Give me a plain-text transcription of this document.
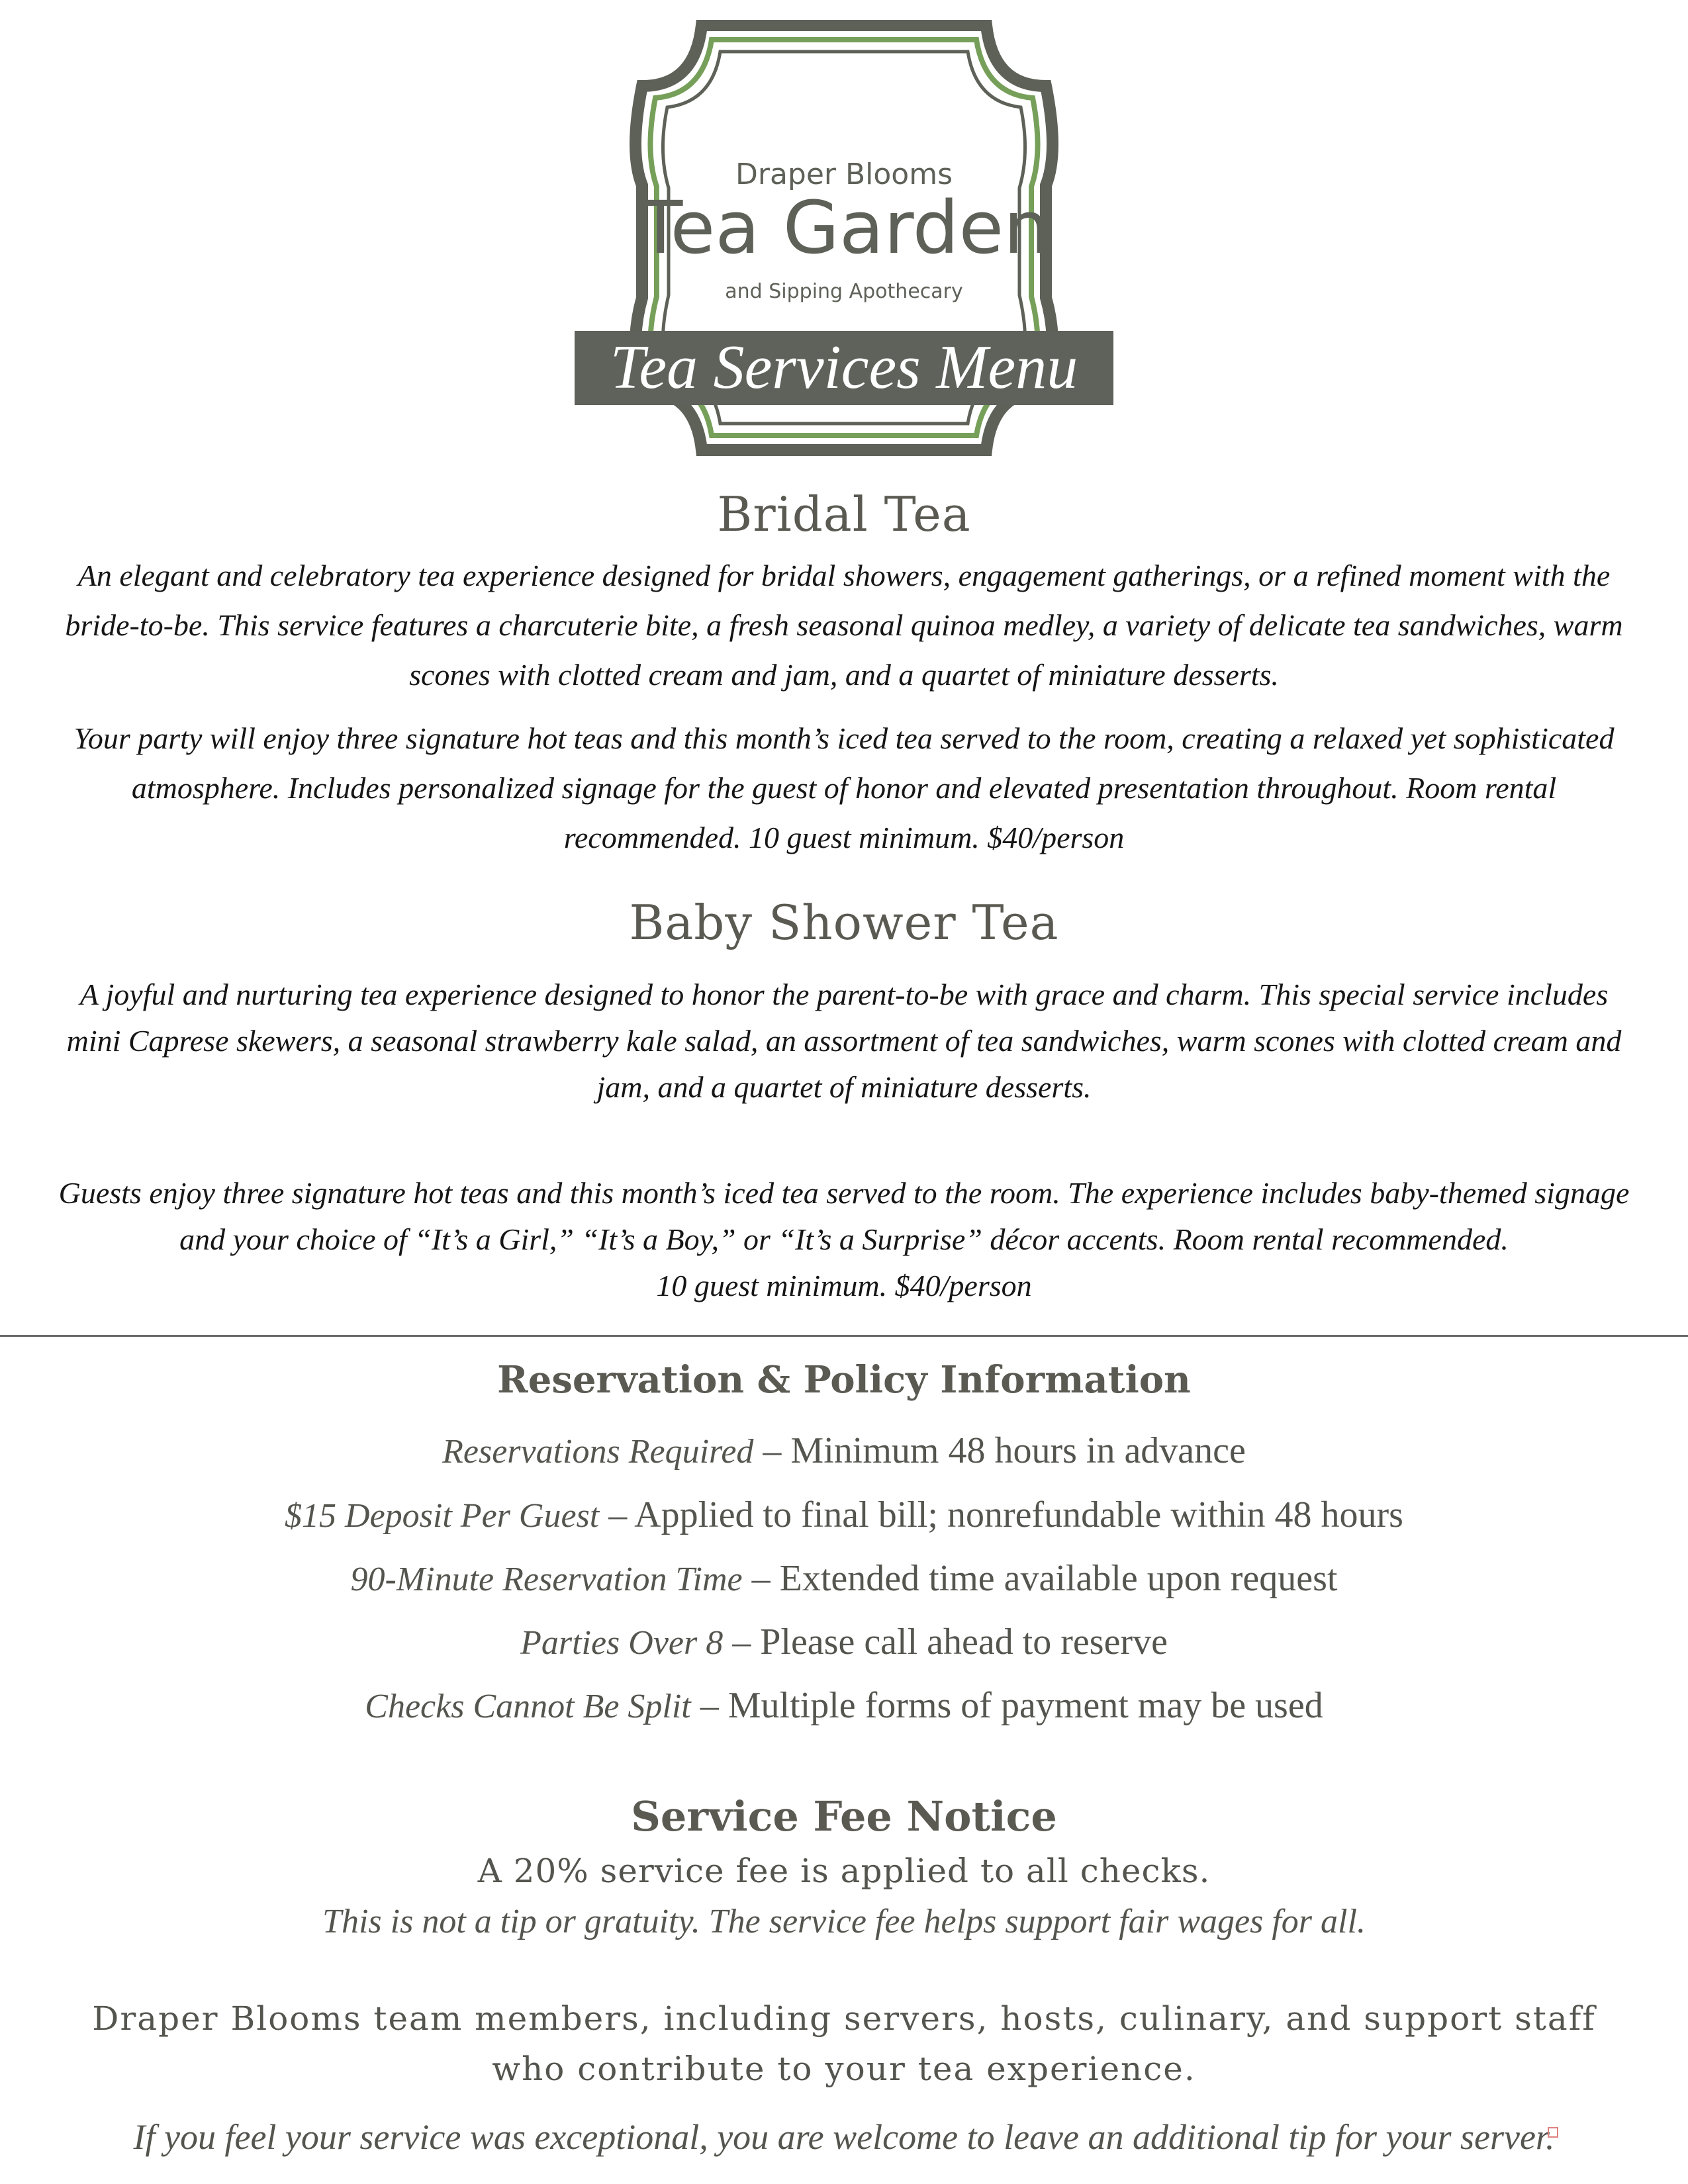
Draper Blooms
Tea Garden
and Sipping Apothecary
Tea Services Menu
Bridal Tea
An elegant and celebratory tea experience designed for bridal showers, engagement gatherings, or a refined moment with the
bride-to-be. This service features a charcuterie bite, a fresh seasonal quinoa medley, a variety of delicate tea sandwiches, warm
scones with clotted cream and jam, and a quartet of miniature desserts.
Your party will enjoy three signature hot teas and this month’s iced tea served to the room, creating a relaxed yet sophisticated
atmosphere. Includes personalized signage for the guest of honor and elevated presentation throughout. Room rental
recommended. 10 guest minimum. $40/person
Baby Shower Tea
A joyful and nurturing tea experience designed to honor the parent-to-be with grace and charm. This special service includes
mini Caprese skewers, a seasonal strawberry kale salad, an assortment of tea sandwiches, warm scones with clotted cream and
jam, and a quartet of miniature desserts.
Guests enjoy three signature hot teas and this month’s iced tea served to the room. The experience includes baby-themed signage
and your choice of “It’s a Girl,” “It’s a Boy,” or “It’s a Surprise” décor accents. Room rental recommended.
10 guest minimum. $40/person
Reservation & Policy Information
Reservations Required – Minimum 48 hours in advance
$15 Deposit Per Guest – Applied to final bill; nonrefundable within 48 hours
90-Minute Reservation Time – Extended time available upon request
Parties Over 8 – Please call ahead to reserve
Checks Cannot Be Split – Multiple forms of payment may be used
Service Fee Notice
A 20% service fee is applied to all checks.
This is not a tip or gratuity. The service fee helps support fair wages for all.
Draper Blooms team members, including servers, hosts, culinary, and support staff
who contribute to your tea experience.
If you feel your service was exceptional, you are welcome to leave an additional tip for your server.
